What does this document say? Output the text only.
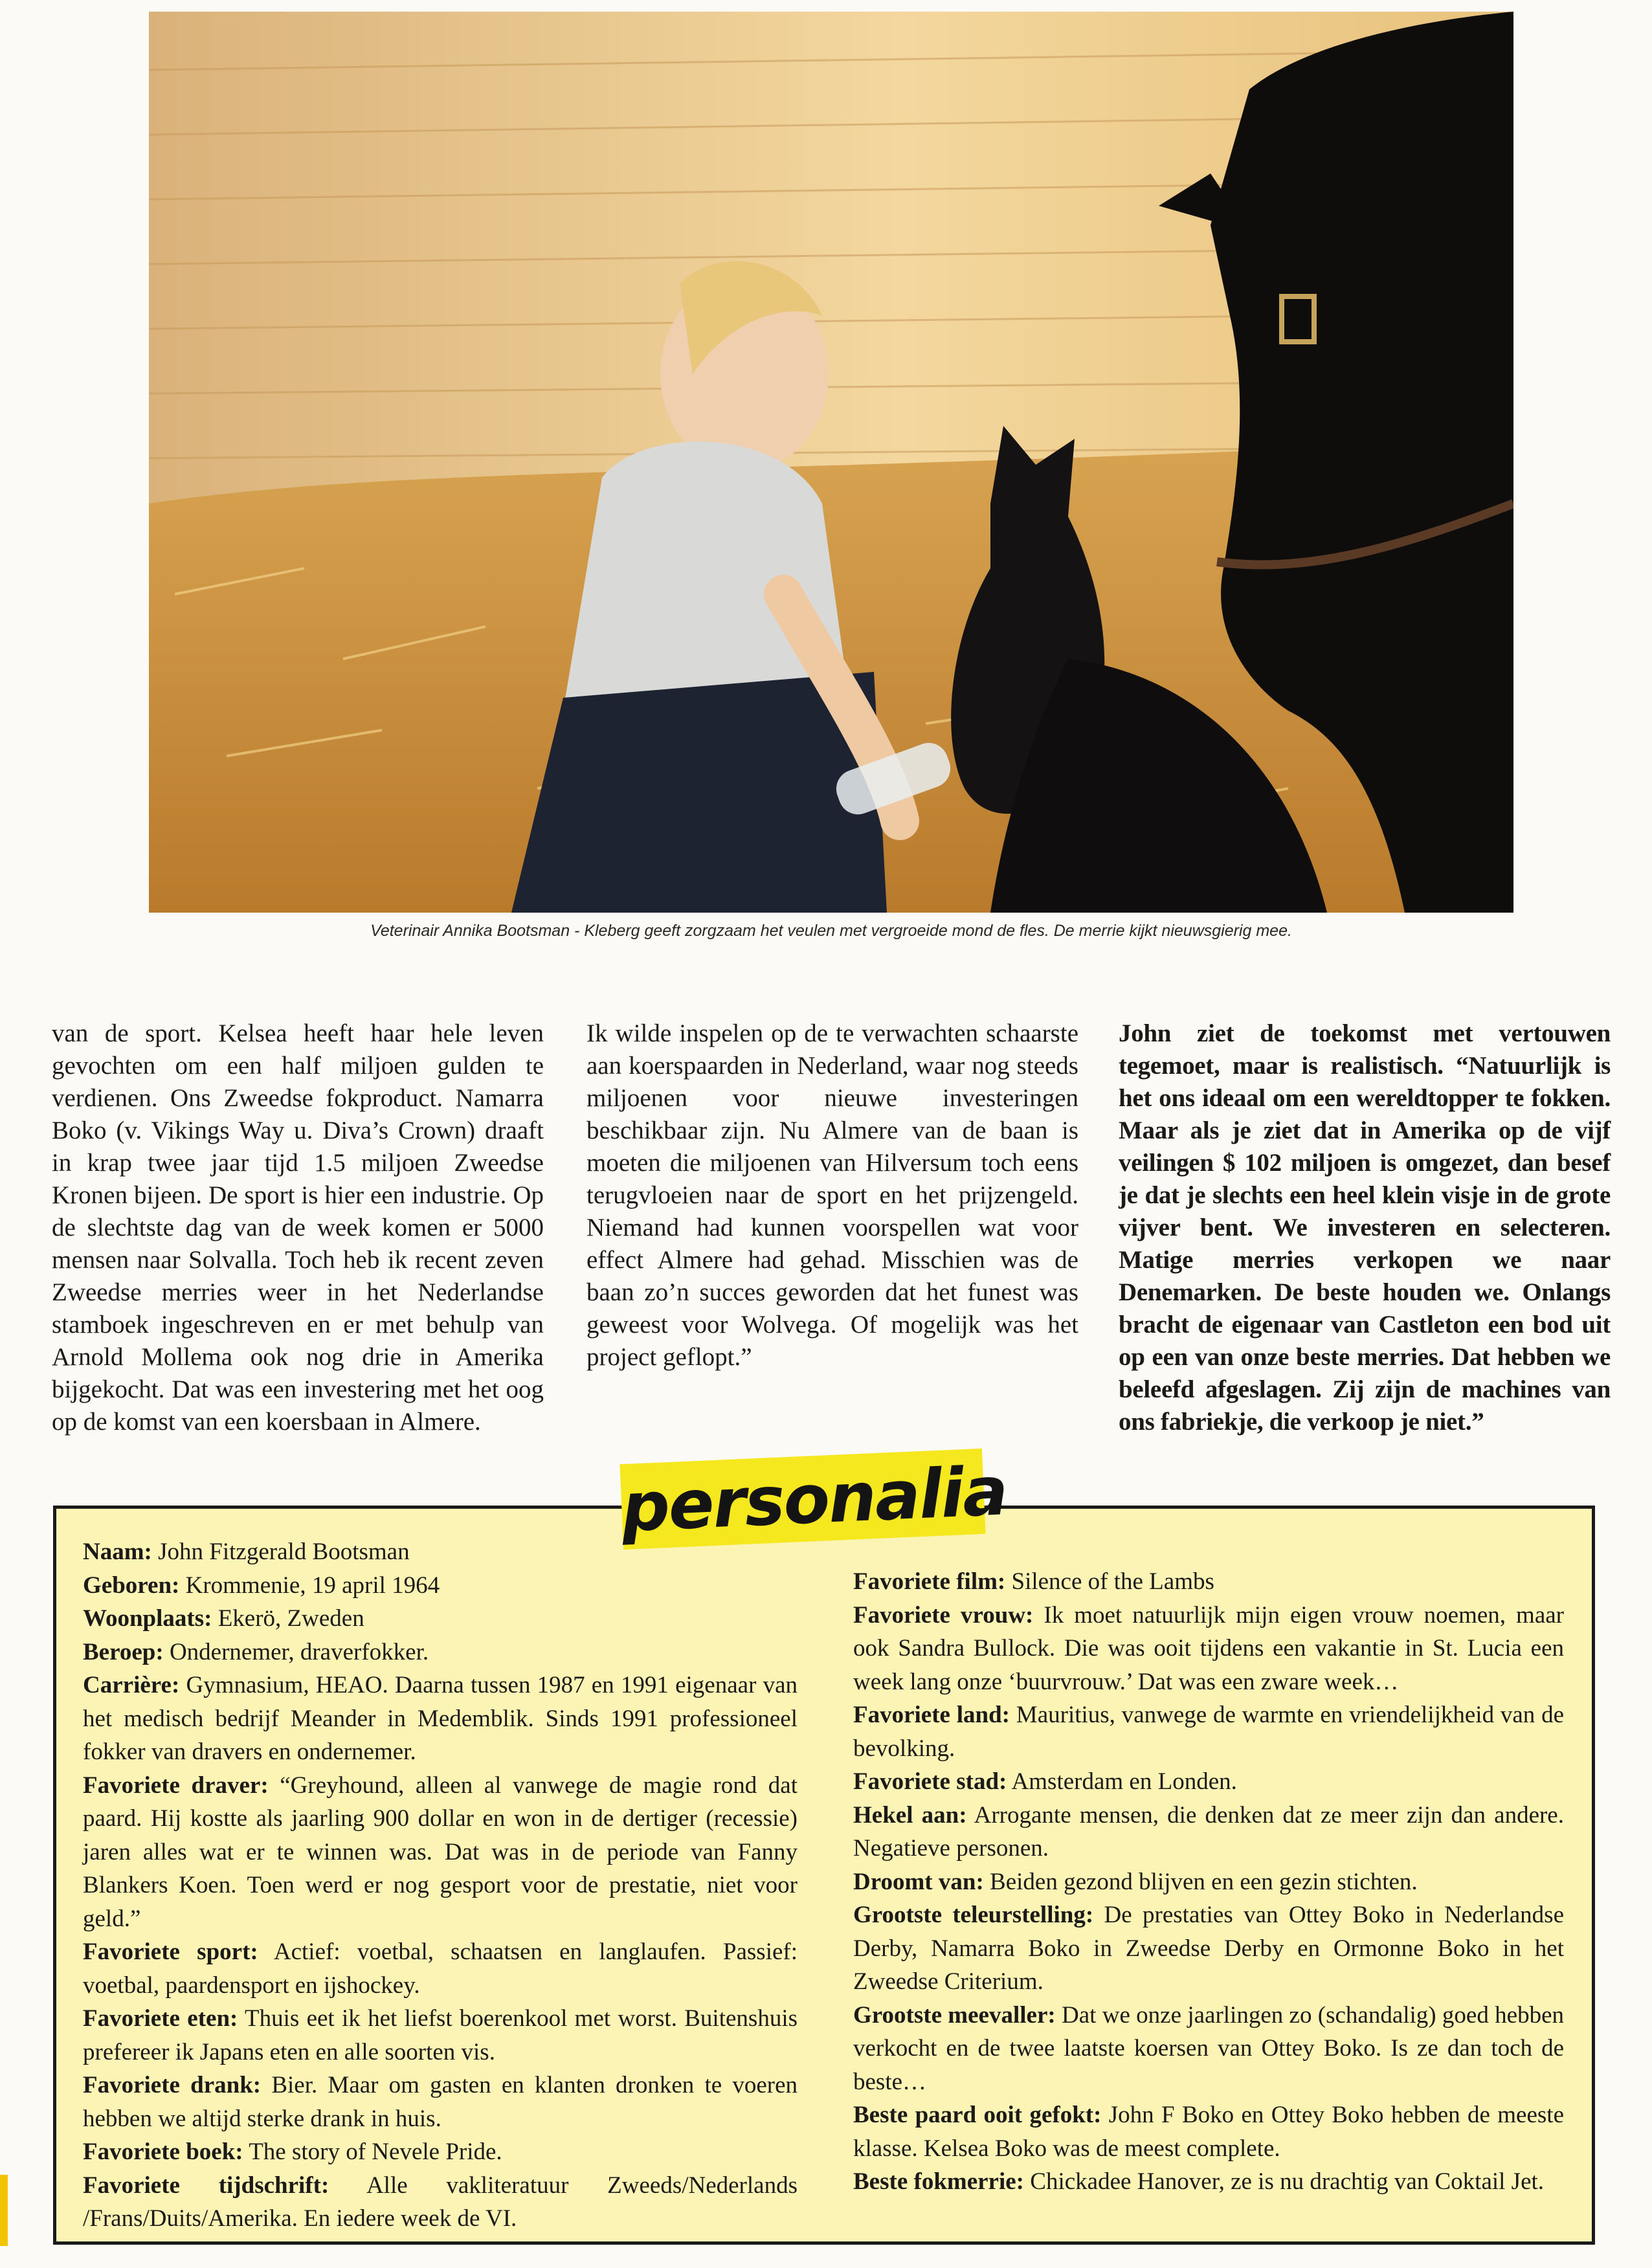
Veterinair Annika Bootsman - Kleberg geeft zorgzaam het veulen met vergroeide mond de fles. De merrie kijkt nieuwsgierig mee.
van de sport. Kelsea heeft haar hele leven gevochten om een half miljoen gulden te verdienen. Ons Zweedse fokproduct. Namarra Boko (v. Vikings Way u. Diva’s Crown) draaft in krap twee jaar tijd 1.5 miljoen Zweedse Kronen bijeen. De sport is hier een industrie. Op de slechtste dag van de week komen er 5000 mensen naar Solvalla. Toch heb ik recent zeven Zweedse merries weer in het Nederlandse stamboek ingeschreven en er met behulp van Arnold Mollema ook nog drie in Amerika bijgekocht. Dat was een investering met het oog op de komst van een koersbaan in Almere.
Ik wilde inspelen op de te verwachten schaarste aan koerspaarden in Nederland, waar nog steeds miljoenen voor nieuwe investeringen beschikbaar zijn. Nu Almere van de baan is moeten die miljoenen van Hilversum toch eens terugvloeien naar de sport en het prijzengeld. Niemand had kunnen voorspellen wat voor effect Almere had gehad. Misschien was de baan zo’n succes geworden dat het funest was geweest voor Wolvega. Of mogelijk was het project geflopt.”
John ziet de toekomst met vertouwen tegemoet, maar is realistisch. “Natuurlijk is het ons ideaal om een wereldtopper te fokken. Maar als je ziet dat in Amerika op de vijf veilingen $ 102 miljoen is omgezet, dan besef je dat je slechts een heel klein visje in de grote vijver bent. We investeren en selecteren. Matige merries verkopen we naar Denemarken. De beste houden we. Onlangs bracht de eigenaar van Castleton een bod uit op een van onze beste merries. Dat hebben we beleefd afgeslagen. Zij zijn de machines van ons fabriekje, die verkoop je niet.”
personalia

Naam: John Fitzgerald Bootsman

Geboren: Krommenie, 19 april 1964

Woonplaats: Ekerö, Zweden

Beroep: Ondernemer, draverfokker.

Carrière: Gymnasium, HEAO. Daarna tussen 1987 en 1991 eigenaar van het medisch bedrijf Meander in Medemblik. Sinds 1991 professioneel fokker van dravers en ondernemer.

Favoriete draver: “Greyhound, alleen al vanwege de magie rond dat paard. Hij kostte als jaarling 900 dollar en won in de dertiger (recessie) jaren alles wat er te winnen was. Dat was in de periode van Fanny Blankers Koen. Toen werd er nog gesport voor de prestatie, niet voor geld.”

Favoriete sport: Actief: voetbal, schaatsen en langlaufen. Passief: voetbal, paardensport en ijshockey.

Favoriete eten: Thuis eet ik het liefst boerenkool met worst. Buitenshuis prefereer ik Japans eten en alle soorten vis.

Favoriete drank: Bier. Maar om gasten en klanten dronken te voeren hebben we altijd sterke drank in huis.

Favoriete boek: The story of Nevele Pride.

Favoriete tijdschrift: Alle vakliteratuur Zweeds/Nederlands /Frans/Duits/Amerika. En iedere week de VI.

Favoriete film: Silence of the Lambs

Favoriete vrouw: Ik moet natuurlijk mijn eigen vrouw noemen, maar ook Sandra Bullock. Die was ooit tijdens een vakantie in St. Lucia een week lang onze ‘buurvrouw.’ Dat was een zware week…

Favoriete land: Mauritius, vanwege de warmte en vriendelijkheid van de bevolking.

Favoriete stad: Amsterdam en Londen.

Hekel aan: Arrogante mensen, die denken dat ze meer zijn dan andere. Negatieve personen.

Droomt van: Beiden gezond blijven en een gezin stichten.

Grootste teleurstelling: De prestaties van Ottey Boko in Nederlandse Derby, Namarra Boko in Zweedse Derby en Ormonne Boko in het Zweedse Criterium.

Grootste meevaller: Dat we onze jaarlingen zo (schandalig) goed hebben verkocht en de twee laatste koersen van Ottey Boko. Is ze dan toch de beste…

Beste paard ooit gefokt: John F Boko en Ottey Boko hebben de meeste klasse. Kelsea Boko was de meest complete.

Beste fokmerrie: Chickadee Hanover, ze is nu drachtig van Coktail Jet.
